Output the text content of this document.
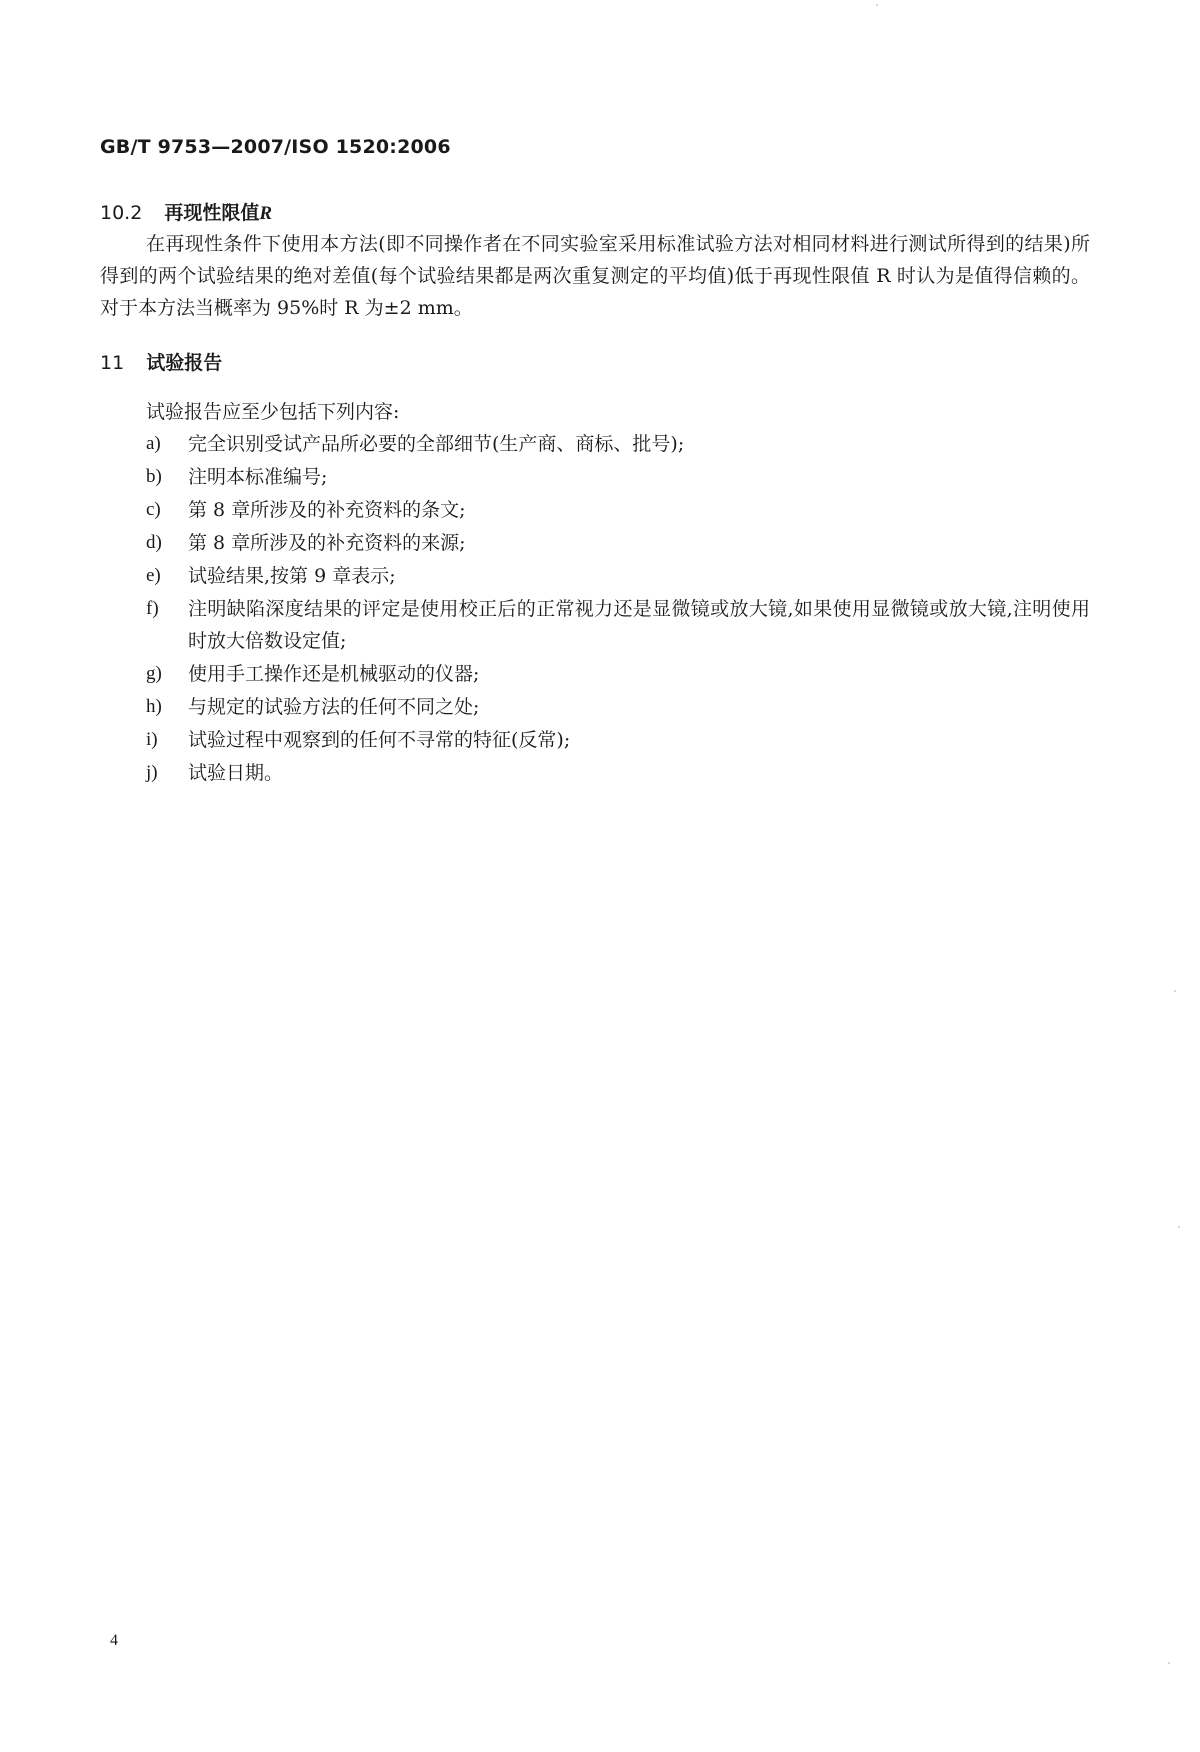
GB/T 9753—2007/ISO 1520:2006
10.2 再现性限值R
在再现性条件下使用本方法(即不同操作者在不同实验室采用标准试验方法对相同材料进行测试所得到的结果)所得到的两个试验结果的绝对差值(每个试验结果都是两次重复测定的平均值)低于再现性限值 R 时认为是值得信赖的。对于本方法当概率为 95%时 R 为±2 mm。
11 试验报告
试验报告应至少包括下列内容:
a) 完全识别受试产品所必要的全部细节(生产商、商标、批号);
b) 注明本标准编号;
c) 第 8 章所涉及的补充资料的条文;
d) 第 8 章所涉及的补充资料的来源;
e) 试验结果,按第 9 章表示;
f) 注明缺陷深度结果的评定是使用校正后的正常视力还是显微镜或放大镜,如果使用显微镜或放大镜,注明使用时放大倍数设定值;
g) 使用手工操作还是机械驱动的仪器;
h) 与规定的试验方法的任何不同之处;
i) 试验过程中观察到的任何不寻常的特征(反常);
j) 试验日期。
4
